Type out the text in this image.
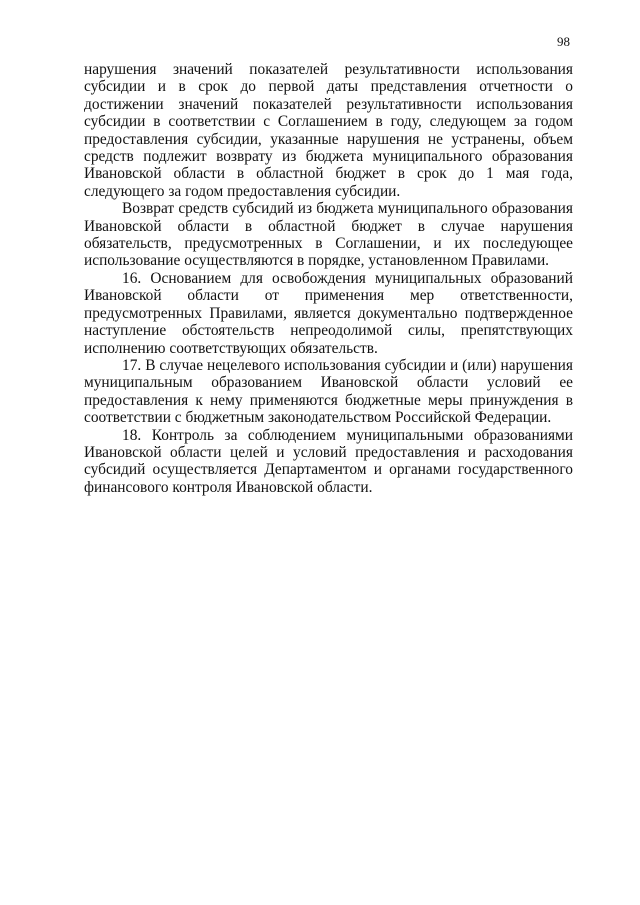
98

нарушения значений показателей результативности использования субсидии и в срок до первой даты представления отчетности о достижении значений показателей результативности использования субсидии в соответствии с Соглашением в году, следующем за годом предоставления субсидии, указанные нарушения не устранены, объем средств подлежит возврату из бюджета муниципального образования Ивановской области в областной бюджет в срок до 1 мая года, следующего за годом предоставления субсидии.

Возврат средств субсидий из бюджета муниципального образования Ивановской области в областной бюджет в случае нарушения обязательств, предусмотренных в Соглашении, и их последующее использование осуществляются в порядке, установленном Правилами.

16. Основанием для освобождения муниципальных образований Ивановской области от применения мер ответственности, предусмотренных Правилами, является документально подтвержденное наступление обстоятельств непреодолимой силы, препятствующих исполнению соответствующих обязательств.

17. В случае нецелевого использования субсидии и (или) нарушения муниципальным образованием Ивановской области условий ее предоставления к нему применяются бюджетные меры принуждения в соответствии с бюджетным законодательством Российской Федерации.

18. Контроль за соблюдением муниципальными образованиями Ивановской области целей и условий предоставления и расходования субсидий осуществляется Департаментом и органами государственного финансового контроля Ивановской области.
